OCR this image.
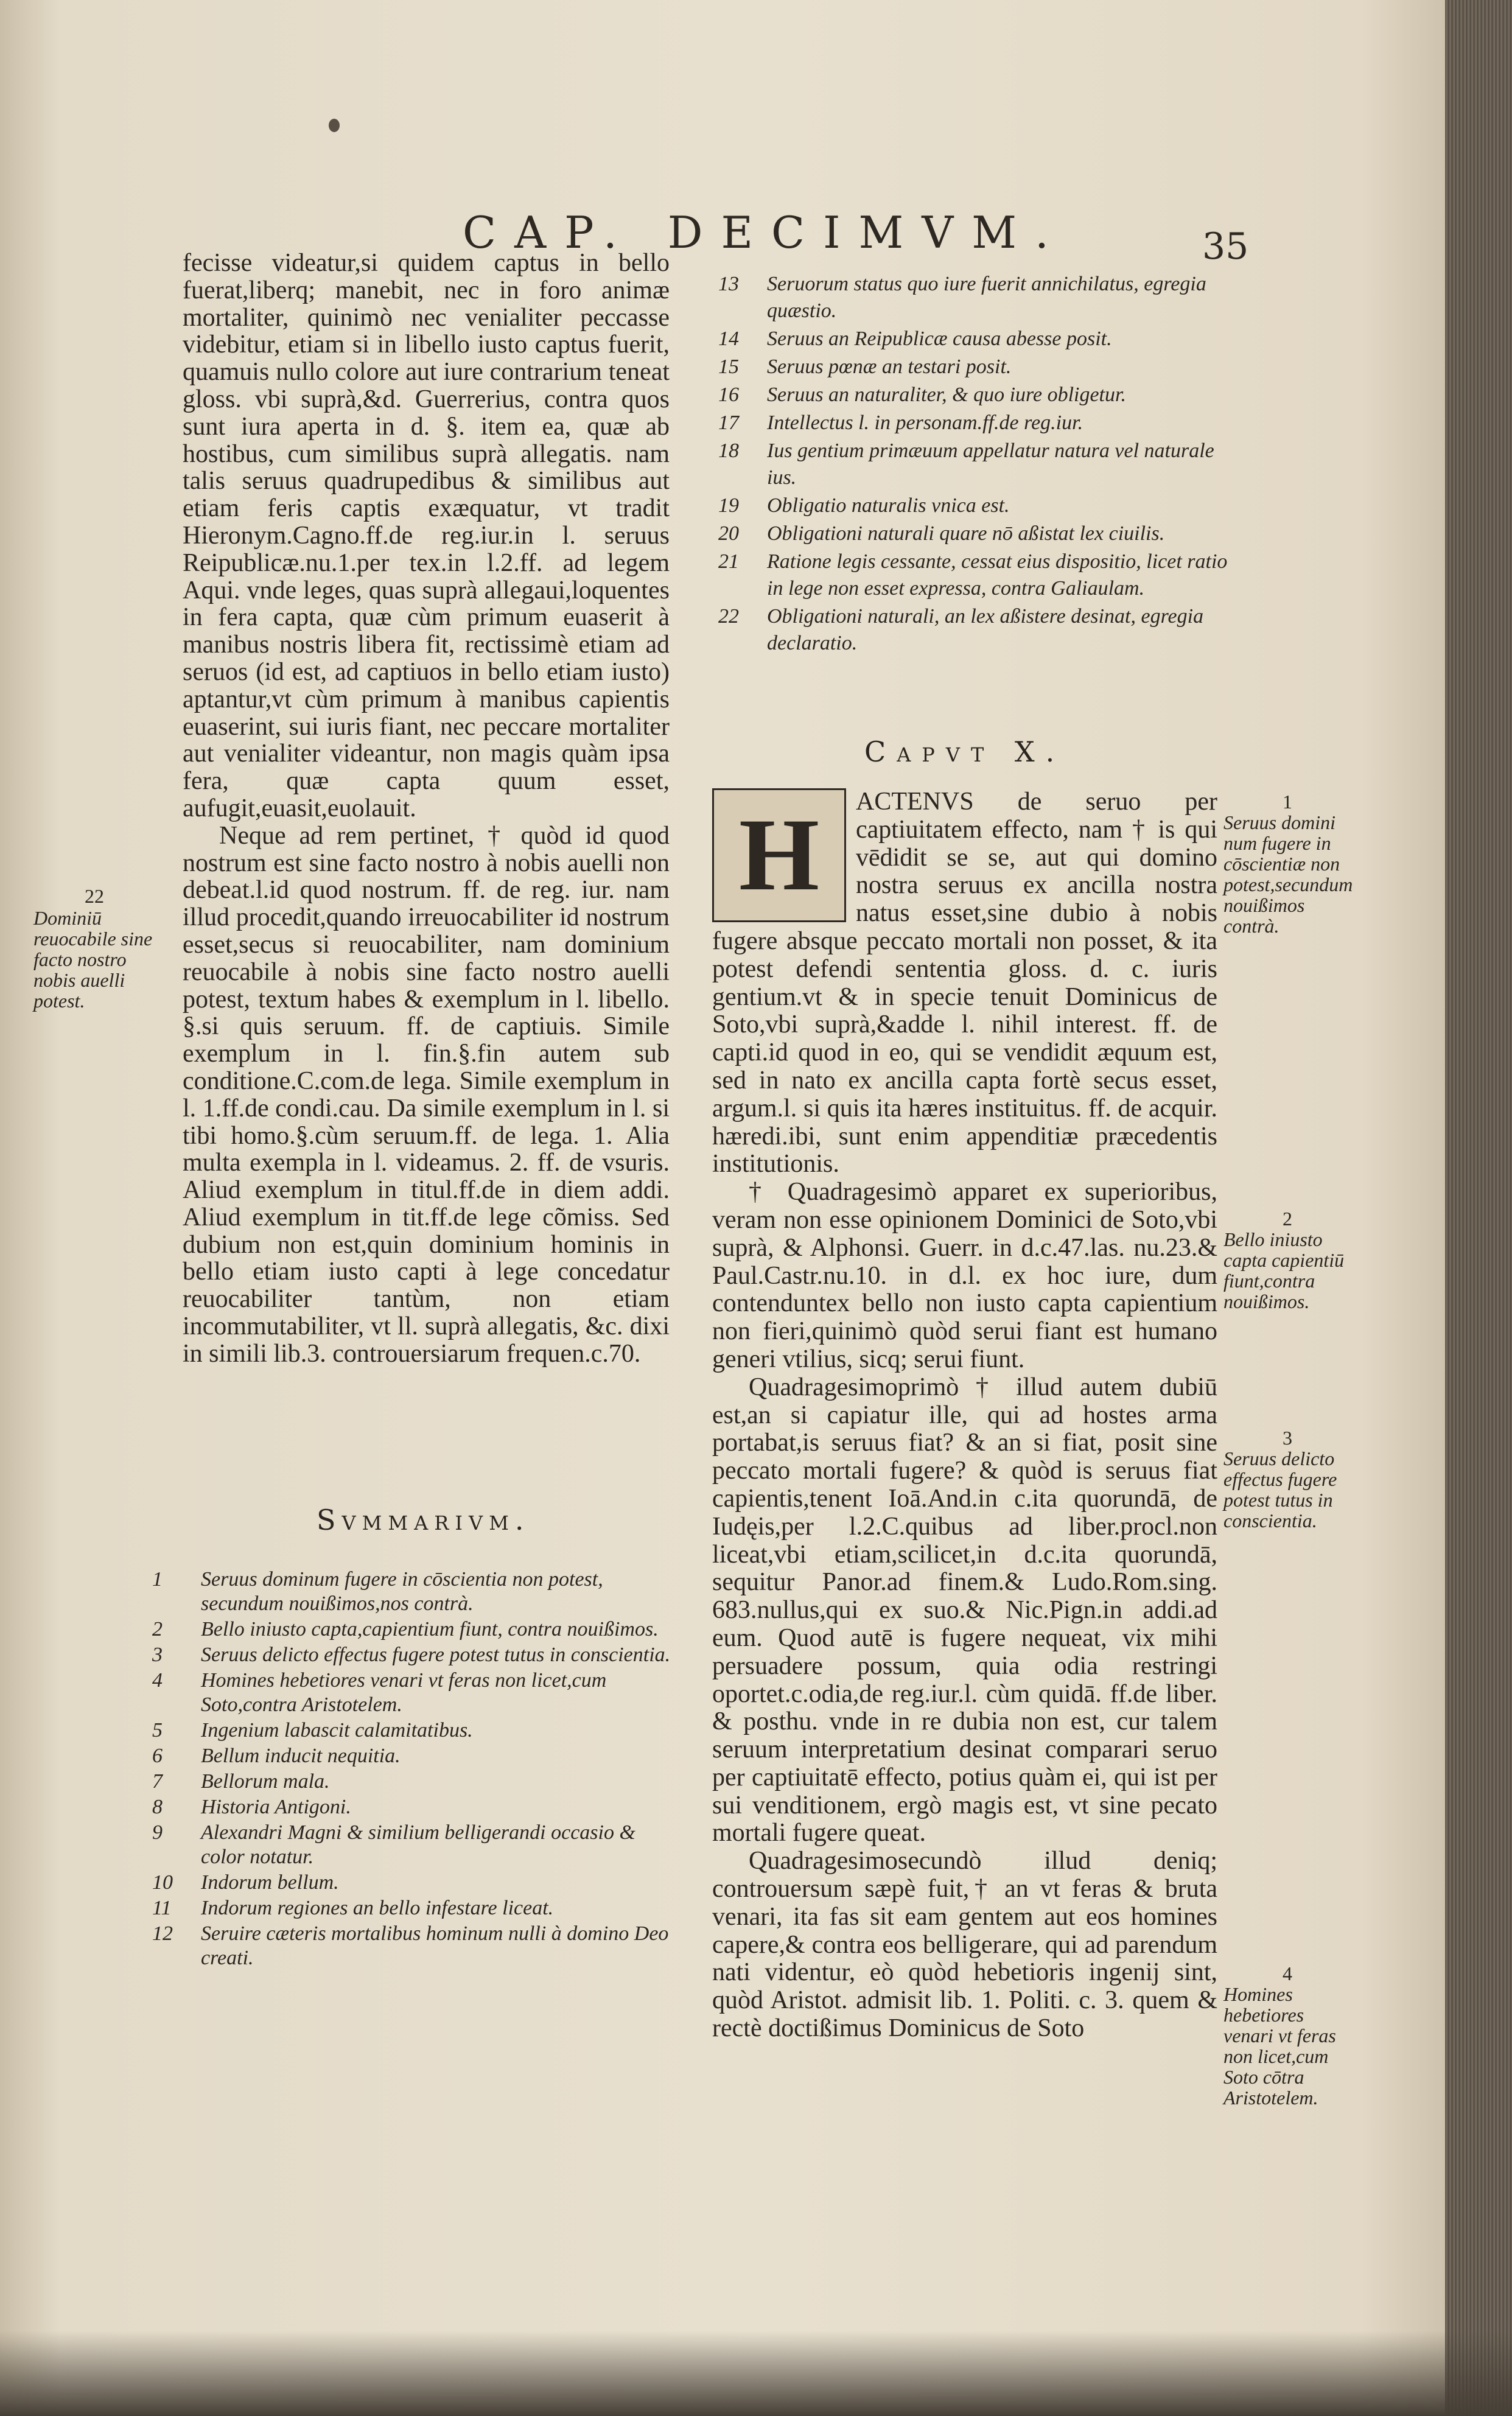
CAP. DECIMVM.	35

fecisse videatur,si quidem captus in bello fuerat,liberq; manebit, nec in foro animæ mortaliter, quinimò nec venialiter peccasse videbitur, etiam si in libello iusto captus fuerit, quamuis nullo colore aut iure contrarium teneat gloss. vbi suprà,&d. Guerrerius, contra quos sunt iura aperta in d. §. item ea, quæ ab hostibus, cum similibus suprà allegatis. nam talis seruus quadrupedibus & similibus aut etiam feris captis exæquatur, vt tradit Hieronym.Cagno.ff.de reg.iur.in l. seruus Reipublicæ.nu.1.per tex.in l.2.ff. ad legem Aqui. vnde leges, quas suprà allegaui,loquentes in fera capta, quæ cùm primum euaserit à manibus nostris libera fit, rectissimè etiam ad seruos (id est, ad captiuos in bello etiam iusto) aptantur,vt cùm primum à manibus capientis euaserint, sui iuris fiant, nec peccare mortaliter aut venialiter videantur, non magis quàm ipsa fera, quæ capta quum esset, aufugit,euasit,euolauit.

Neque ad rem pertinet, † quòd id quod nostrum est sine facto nostro à nobis auelli non debeat.l.id quod nostrum. ff. de reg. iur. nam illud procedit,quando irreuocabiliter id nostrum esset,secus si reuocabiliter, nam dominium reuocabile à nobis sine facto nostro auelli potest, textum habes & exemplum in l. libello. §.si quis seruum. ff. de captiuis. Simile exemplum in l. fin.§.fin autem sub conditione.C.com.de lega. Simile exemplum in l. 1.ff.de condi.cau. Da simile exemplum in l. si tibi homo.§.cùm seruum.ff. de lega. 1. Alia multa exempla in l. videamus. 2. ff. de vsuris. Aliud exemplum in titul.ff.de in diem addi. Aliud exemplum in tit.ff.de lege cõmiss. Sed dubium non est,quin dominium hominis in bello etiam iusto capti à lege concedatur reuocabiliter tantùm, non etiam incommutabiliter, vt ll. suprà allegatis, &c. dixi in simili lib.3. controuersiarum frequen.c.70.

22
Dominiū reuocabile sine facto nostro nobis auelli potest.
13	Seruorum status quo iure fuerit annichilatus, egregia quæstio.
14	Seruus an Reipublicæ causa abesse posit.
15	Seruus pœnæ an testari posit.
16	Seruus an naturaliter, & quo iure obligetur.
17	Intellectus l. in personam.ff.de reg.iur.
18	Ius gentium primæuum appellatur natura vel naturale ius.
19	Obligatio naturalis vnica est.
20	Obligationi naturali quare nō aßistat lex ciuilis.
21	Ratione legis cessante, cessat eius dispositio, licet ratio in lege non esset expressa, contra Galiaulam.
22	Obligationi naturali, an lex aßistere desinat, egregia declaratio.
Capvt X.

H	ACTENVS de seruo per captiuitatem effecto, nam † is qui vēdidit se se, aut qui domino nostra seruus ex ancilla nostra natus esset,sine dubio à nobis fugere absque peccato mortali non posset, & ita potest defendi sententia gloss. d. c. iuris gentium.vt & in specie tenuit Dominicus de Soto,vbi suprà,&adde l. nihil interest. ff. de capti.id quod in eo, qui se vendidit æquum est, sed in nato ex ancilla capta fortè secus esset, argum.l. si quis ita hæres instituitus. ff. de acquir. hæredi.ibi, sunt enim appenditiæ præcedentis institutionis.

† Quadragesimò apparet ex superioribus, veram non esse opinionem Dominici de Soto,vbi suprà, & Alphonsi. Guerr. in d.c.47.las. nu.23.& Paul.Castr.nu.10. in d.l. ex hoc iure, dum contenduntex bello non iusto capta capientium non fieri,quinimò quòd serui fiant est humano generi vtilius, sicq; serui fiunt.

Quadragesimoprimò † illud autem dubiū est,an si capiatur ille, qui ad hostes arma portabat,is seruus fiat? & an si fiat, posit sine peccato mortali fugere? & quòd is seruus fiat capientis,tenent Ioā.And.in c.ita quorundā, de Iudęis,per l.2.C.quibus ad liber.procl.non liceat,vbi etiam,scilicet,in d.c.ita quorundā, sequitur Panor.ad finem.& Ludo.Rom.sing. 683.nullus,qui ex suo.& Nic.Pign.in addi.ad eum. Quod autē is fugere nequeat, vix mihi persuadere possum, quia odia restringi oportet.c.odia,de reg.iur.l. cùm quidā. ff.de liber. & posthu. vnde in re dubia non est, cur talem seruum interpretatium desinat comparari seruo per captiuitatē effecto, potius quàm ei, qui ist per sui venditionem, ergò magis est, vt sine pecato mortali fugere queat.

Quadragesimosecundò illud deniq; controuersum sæpè fuit,† an vt feras & bruta venari, ita fas sit eam gentem aut eos homines capere,& contra eos belligerare, qui ad parendum nati videntur, eò quòd hebetioris ingenij sint, quòd Aristot. admisit lib. 1. Politi. c. 3. quem & rectè doctißimus Dominicus de Soto

1
Seruus domini num fugere in cōscientiæ non potest,secundum nouißimos contrà.
2
Bello iniusto capta capientiū fiunt,contra nouißimos.
3
Seruus delicto effectus fugere potest tutus in conscientia.
4
Homines hebetiores venari vt feras non licet,cum Soto cōtra Aristotelem.
Svmmarivm.
1	Seruus dominum fugere in cōscientia non potest, secundum nouißimos,nos contrà.
2	Bello iniusto capta,capientium fiunt, contra nouißimos.
3	Seruus delicto effectus fugere potest tutus in conscientia.
4	Homines hebetiores venari vt feras non licet,cum Soto,contra Aristotelem.
5	Ingenium labascit calamitatibus.
6	Bellum inducit nequitia.
7	Bellorum mala.
8	Historia Antigoni.
9	Alexandri Magni & similium belligerandi occasio & color notatur.
10	Indorum bellum.
11	Indorum regiones an bello infestare liceat.
12	Seruire cæteris mortalibus hominum nulli à domino Deo creati.
